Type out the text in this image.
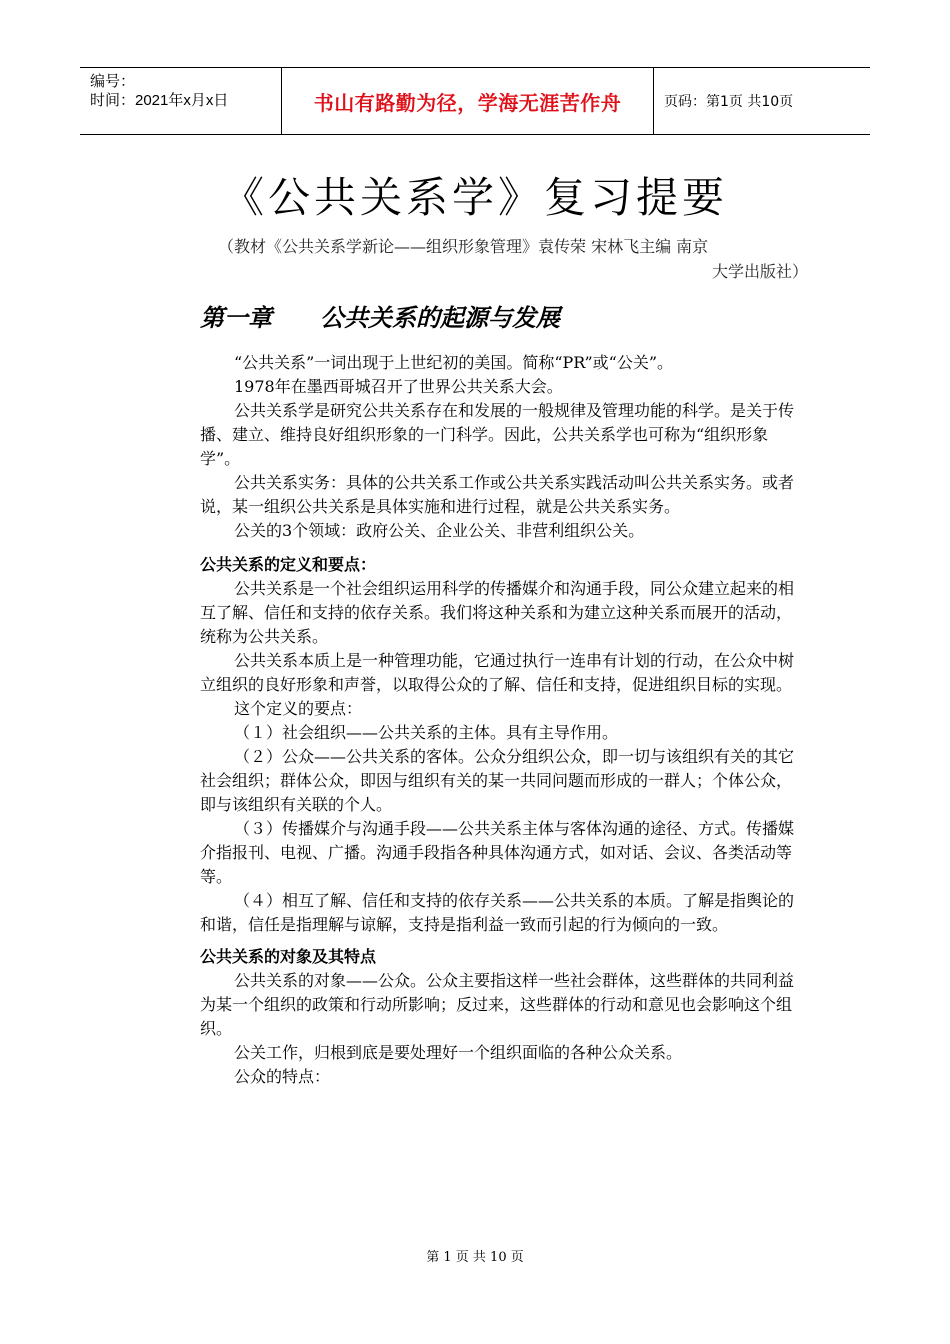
编号：
时间：2021年x月x日	书山有路勤为径，学海无涯苦作舟	页码：第1页 共10页
《公共关系学》复习提要
（教材《公共关系学新论——组织形象管理》袁传荣 宋林飞主编 南京
大学出版社）
第一章 公共关系的起源与发展

“公共关系”一词出现于上世纪初的美国。简称“PR”或“公关”。

1978年在墨西哥城召开了世界公共关系大会。

公共关系学是研究公共关系存在和发展的一般规律及管理功能的科学。是关于传播、建立、维持良好组织形象的一门科学。因此，公共关系学也可称为“组织形象学”。

公共关系实务：具体的公共关系工作或公共关系实践活动叫公共关系实务。或者说，某一组织公共关系是具体实施和进行过程，就是公共关系实务。

公关的3个领域：政府公关、企业公关、非营利组织公关。

公共关系的定义和要点：

公共关系是一个社会组织运用科学的传播媒介和沟通手段，同公众建立起来的相互了解、信任和支持的依存关系。我们将这种关系和为建立这种关系而展开的活动，统称为公共关系。

公共关系本质上是一种管理功能，它通过执行一连串有计划的行动，在公众中树立组织的良好形象和声誉，以取得公众的了解、信任和支持，促进组织目标的实现。

这个定义的要点：

（１）社会组织——公共关系的主体。具有主导作用。

（２）公众——公共关系的客体。公众分组织公众，即一切与该组织有关的其它社会组织；群体公众，即因与组织有关的某一共同问题而形成的一群人；个体公众，即与该组织有关联的个人。

（３）传播媒介与沟通手段——公共关系主体与客体沟通的途径、方式。传播媒介指报刊、电视、广播。沟通手段指各种具体沟通方式，如对话、会议、各类活动等等。

（４）相互了解、信任和支持的依存关系——公共关系的本质。了解是指舆论的和谐，信任是指理解与谅解，支持是指利益一致而引起的行为倾向的一致。

公共关系的对象及其特点

公共关系的对象——公众。公众主要指这样一些社会群体，这些群体的共同利益为某一个组织的政策和行动所影响；反过来，这些群体的行动和意见也会影响这个组织。

公关工作，归根到底是要处理好一个组织面临的各种公众关系。

公众的特点：

第 1 页 共 10 页
